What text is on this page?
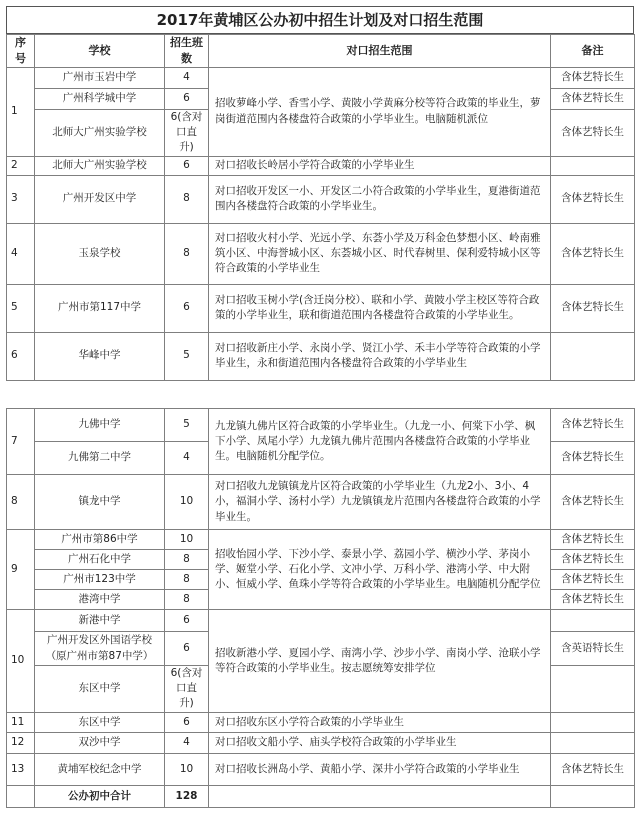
2017年黄埔区公办初中招生计划及对口招生范围
序号	学校	招生班数	对口招生范围	备注
1	广州市玉岩中学	4	招收萝峰小学、香雪小学、黄陂小学黄麻分校等符合政策的毕业生，萝岗街道范围内各楼盘符合政策的小学毕业生。电脑随机派位	含体艺特长生
	广州科学城中学	6		含体艺特长生
	北师大广州实验学校	6(含对口直升)		含体艺特长生
2	北师大广州实验学校	6	对口招收长岭居小学符合政策的小学毕业生	
3	广州开发区中学	8	对口招收开发区一小、开发区二小符合政策的小学毕业生，夏港街道范围内各楼盘符合政策的小学毕业生。	含体艺特长生
4	玉泉学校	8	对口招收火村小学、光远小学、东荟小学及万科金色梦想小区、岭南雅筑小区、中海誉城小区、东荟城小区、时代春树里、保利爱特城小区等符合政策的小学毕业生	含体艺特长生
5	广州市第117中学	6	对口招收玉树小学(含迁岗分校）、联和小学、黄陂小学主校区等符合政策的小学毕业生，联和街道范围内各楼盘符合政策的小学毕业生。	含体艺特长生
6	华峰中学	5	对口招收新庄小学、永岗小学、贤江小学、禾丰小学等符合政策的小学毕业生，永和街道范围内各楼盘符合政策的小学毕业生	
7	九佛中学	5	九龙镇九佛片区符合政策的小学毕业生。（九龙一小、何棠下小学、枫下小学、凤尾小学）九龙镇九佛片范围内各楼盘符合政策的小学毕业生。电脑随机分配学位。	含体艺特长生
	九佛第二中学	4		含体艺特长生
8	镇龙中学	10	对口招收九龙镇镇龙片区符合政策的小学毕业生（九龙2小、3小、4小，福洞小学、汤村小学）九龙镇镇龙片范围内各楼盘符合政策的小学毕业生。	含体艺特长生
9	广州市第86中学	10	招收怡园小学、下沙小学、泰景小学、荔园小学、横沙小学、茅岗小学、姬堂小学、石化小学、文冲小学、万科小学、港湾小学、中大附小、恒威小学、鱼珠小学等符合政策的小学毕业生。电脑随机分配学位	含体艺特长生
	广州石化中学	8		含体艺特长生
	广州市123中学	8		含体艺特长生
	港湾中学	8		含体艺特长生
10	新港中学	6	招收新港小学、夏园小学、南湾小学、沙步小学、南岗小学、沧联小学等符合政策的小学毕业生。按志愿统筹安排学位	
	广州开发区外国语学校（原广州市第87中学）	6		含英语特长生
	东区中学	6(含对口直升)		
11	东区中学	6	对口招收东区小学符合政策的小学毕业生	
12	双沙中学	4	对口招收文船小学、庙头学校符合政策的小学毕业生	
13	黄埔军校纪念中学	10	对口招收长洲岛小学、黄船小学、深井小学符合政策的小学毕业生	含体艺特长生
	公办初中合计	128		
